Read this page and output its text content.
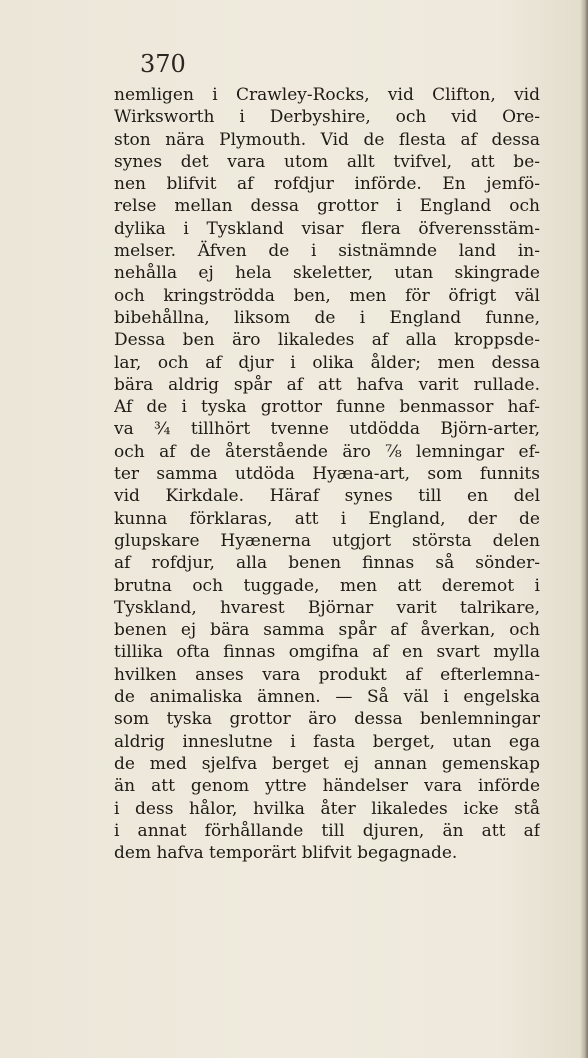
370
nemligen i Crawley-Rocks, vid Clifton, vid
Wirksworth i Derbyshire, och vid Ore-
ston nära Plymouth. Vid de flesta af dessa
synes det vara utom allt tvifvel, att be-
nen blifvit af rofdjur införde. En jemfö-
relse mellan dessa grottor i England och
dylika i Tyskland visar flera öfverensstäm-
melser. Äfven de i sistnämnde land in-
nehålla ej hela skeletter, utan skingrade
och kringströdda ben, men för öfrigt väl
bibehållna, liksom de i England funne,
Dessa ben äro likaledes af alla kroppsde-
lar, och af djur i olika ålder; men dessa
bära aldrig spår af att hafva varit rullade.
Af de i tyska grottor funne benmassor haf-
va ¾ tillhört tvenne utdödda Björn-arter,
och af de återstående äro ⅞ lemningar ef-
ter samma utdöda Hyæna-art, som funnits
vid Kirkdale. Häraf synes till en del
kunna förklaras, att i England, der de
glupskare Hyænerna utgjort största delen
af rofdjur, alla benen finnas så sönder-
brutna och tuggade, men att deremot i
Tyskland, hvarest Björnar varit talrikare,
benen ej bära samma spår af åverkan, och
tillika ofta finnas omgifna af en svart mylla
hvilken anses vara produkt af efterlemna-
de animaliska ämnen. — Så väl i engelska
som tyska grottor äro dessa benlemningar
aldrig inneslutne i fasta berget, utan ega
de med sjelfva berget ej annan gemenskap
än att genom yttre händelser vara införde
i dess hålor, hvilka åter likaledes icke stå
i annat förhållande till djuren, än att af
dem hafva temporärt blifvit begagnade.
